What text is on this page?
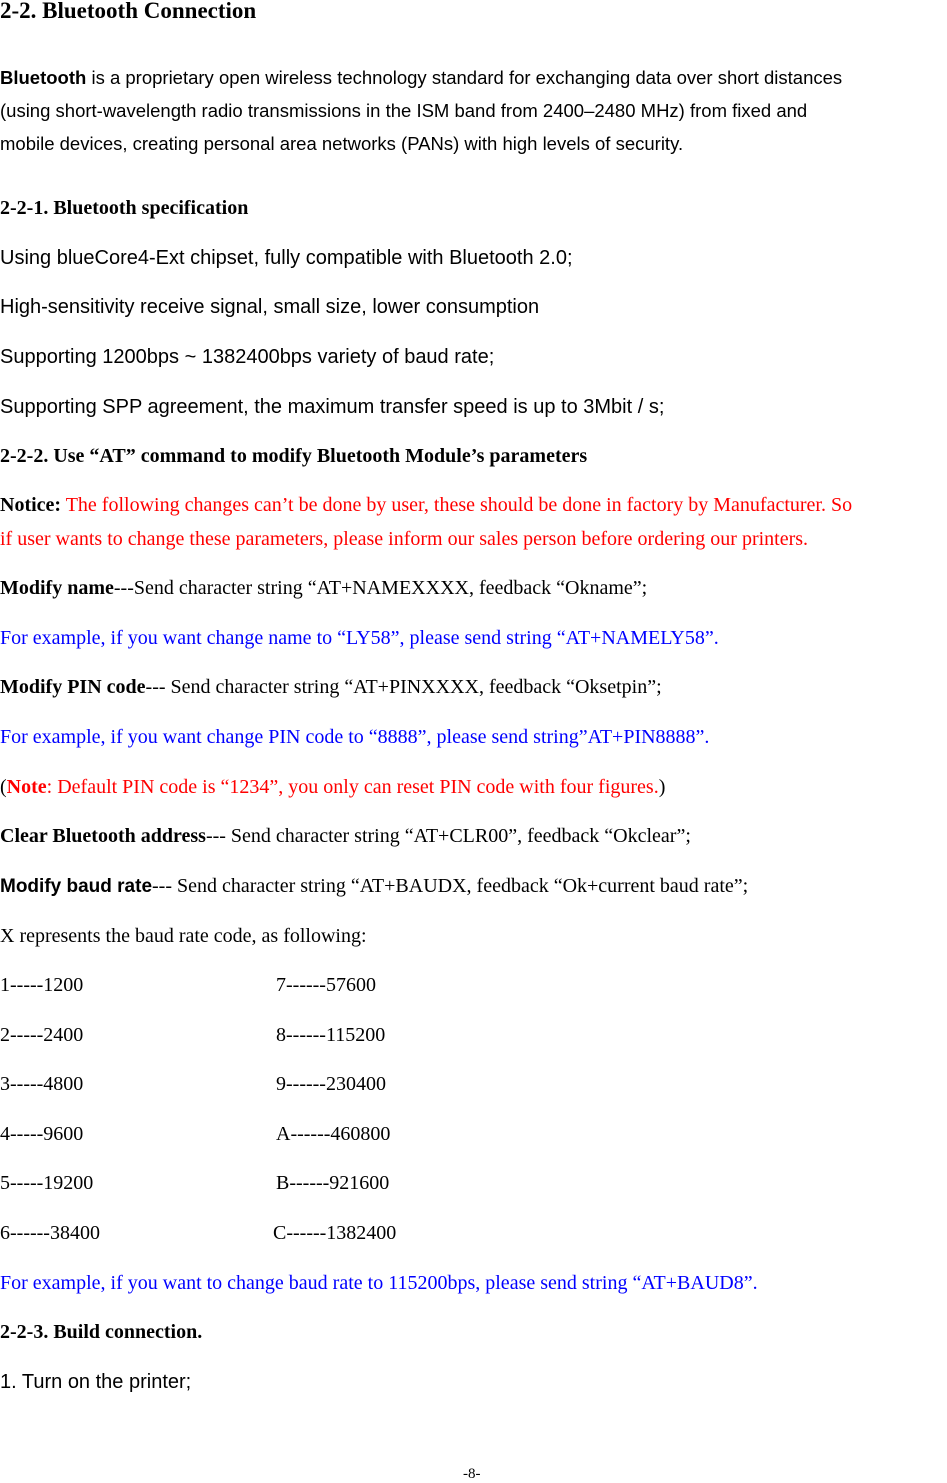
2-2. Bluetooth Connection
Bluetooth is a proprietary open wireless technology standard for exchanging data over short distances
(using short-wavelength radio transmissions in the ISM band from 2400–2480 MHz) from fixed and
mobile devices, creating personal area networks (PANs) with high levels of security.
2-2-1. Bluetooth specification
Using blueCore4-Ext chipset, fully compatible with Bluetooth 2.0;
High-sensitivity receive signal, small size, lower consumption
Supporting 1200bps ~ 1382400bps variety of baud rate;
Supporting SPP agreement, the maximum transfer speed is up to 3Mbit / s;
2-2-2. Use “AT” command to modify Bluetooth Module’s parameters
Notice: The following changes can’t be done by user, these should be done in factory by Manufacturer. So
if user wants to change these parameters, please inform our sales person before ordering our printers.
Modify name---Send character string “AT+NAMEXXXX, feedback “Okname”;
For example, if you want change name to “LY58”, please send string “AT+NAMELY58”.
Modify PIN code--- Send character string “AT+PINXXXX, feedback “Oksetpin”;
For example, if you want change PIN code to “8888”, please send string”AT+PIN8888”.
(Note: Default PIN code is “1234”, you only can reset PIN code with four figures.)
Clear Bluetooth address--- Send character string “AT+CLR00”, feedback “Okclear”;
Modify baud rate--- Send character string “AT+BAUDX, feedback “Ok+current baud rate”;
X represents the baud rate code, as following:
1-----1200	7------57600
2-----2400	8------115200
3-----4800	9------230400
4-----9600	A------460800
5-----19200	B------921600
6------38400	C------1382400
For example, if you want to change baud rate to 115200bps, please send string “AT+BAUD8”.
2-2-3. Build connection.
1. Turn on the printer;
-8-
